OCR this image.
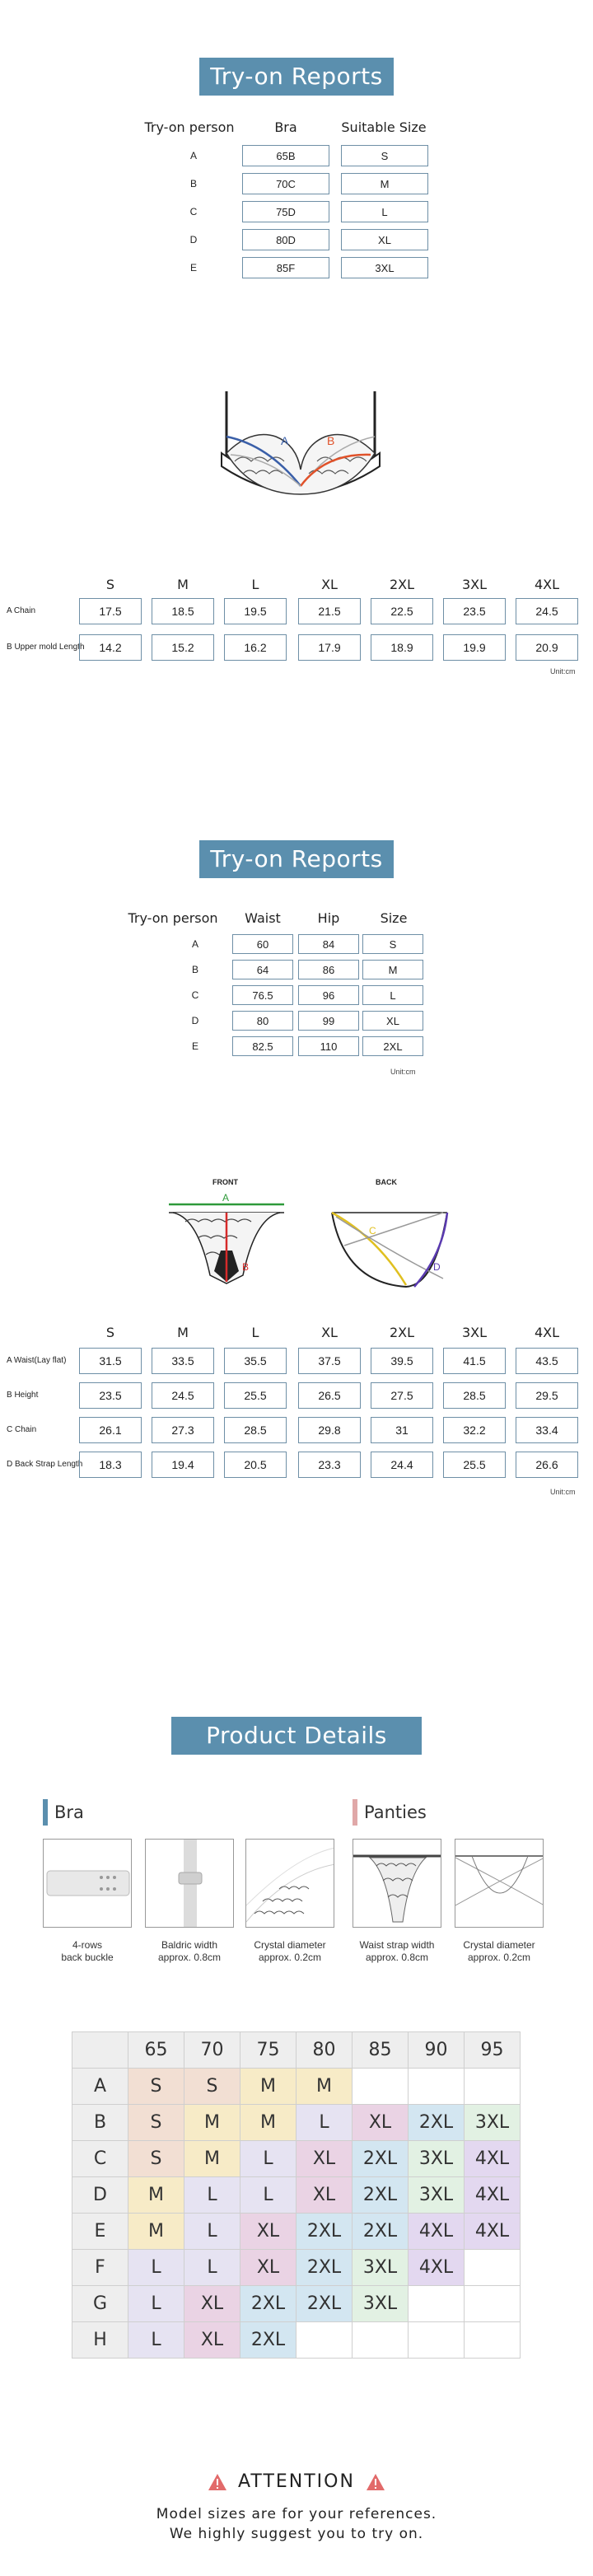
Try-on Reports
Try-on person	Bra	Suitable Size
A	65B	S
B	70C	M
C	75D	L
D	80D	XL
E	85F	3XL
A	B
S	M	L	XL	2XL	3XL	4XL
A Chain	17.5	18.5	19.5	21.5	22.5	23.5	24.5
B Upper mold Length	14.2	15.2	16.2	17.9	18.9	19.9	20.9
Unit:cm
Try-on Reports
Try-on person	Waist	Hip	Size
A	60	84	S
B	64	86	M
C	76.5	96	L
D	80	99	XL
E	82.5	110	2XL
Unit:cm
FRONT	BACK
A
B
C
D
S	M	L	XL	2XL	3XL	4XL
A Waist(Lay flat)	31.5	33.5	35.5	37.5	39.5	41.5	43.5
B Height	23.5	24.5	25.5	26.5	27.5	28.5	29.5
C Chain	26.1	27.3	28.5	29.8	31	32.2	33.4
D Back Strap Length	18.3	19.4	20.5	23.3	24.4	25.5	26.6
Unit:cm
Product Details
Bra	Panties
4-rows
back buckle
Baldric width
approx. 0.8cm
Crystal diameter
approx. 0.2cm
Waist strap width
approx. 0.8cm
Crystal diameter
approx. 0.2cm
	65	70	75	80	85	90	95
A	S	S	M	M			
B	S	M	M	L	XL	2XL	3XL
C	S	M	L	XL	2XL	3XL	4XL
D	M	L	L	XL	2XL	3XL	4XL
E	M	L	XL	2XL	2XL	4XL	4XL
F	L	L	XL	2XL	3XL	4XL	
G	L	XL	2XL	2XL	3XL		
H	L	XL	2XL				
ATTENTION
Model sizes are for your references.
We highly suggest you to try on.
